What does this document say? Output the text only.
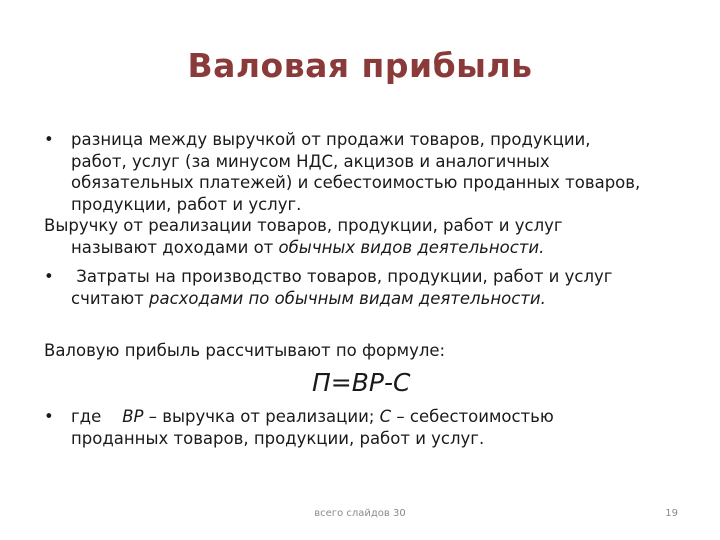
Валовая прибыль
• разница между выручкой от продажи товаров, продукции,
работ, услуг (за минусом НДС, акцизов и аналогичных
обязательных платежей) и себестоимостью проданных товаров,
продукции, работ и услуг.
Выручку от реализации товаров, продукции, работ и услуг
называют доходами от обычных видов деятельности.
• Затраты на производство товаров, продукции, работ и услуг
считают расходами по обычным видам деятельности.
Валовую прибыль рассчитывают по формуле:
П=ВР-С
• где    ВР – выручка от реализации; С – себестоимостью
проданных товаров, продукции, работ и услуг.
всего слайдов 30	19
